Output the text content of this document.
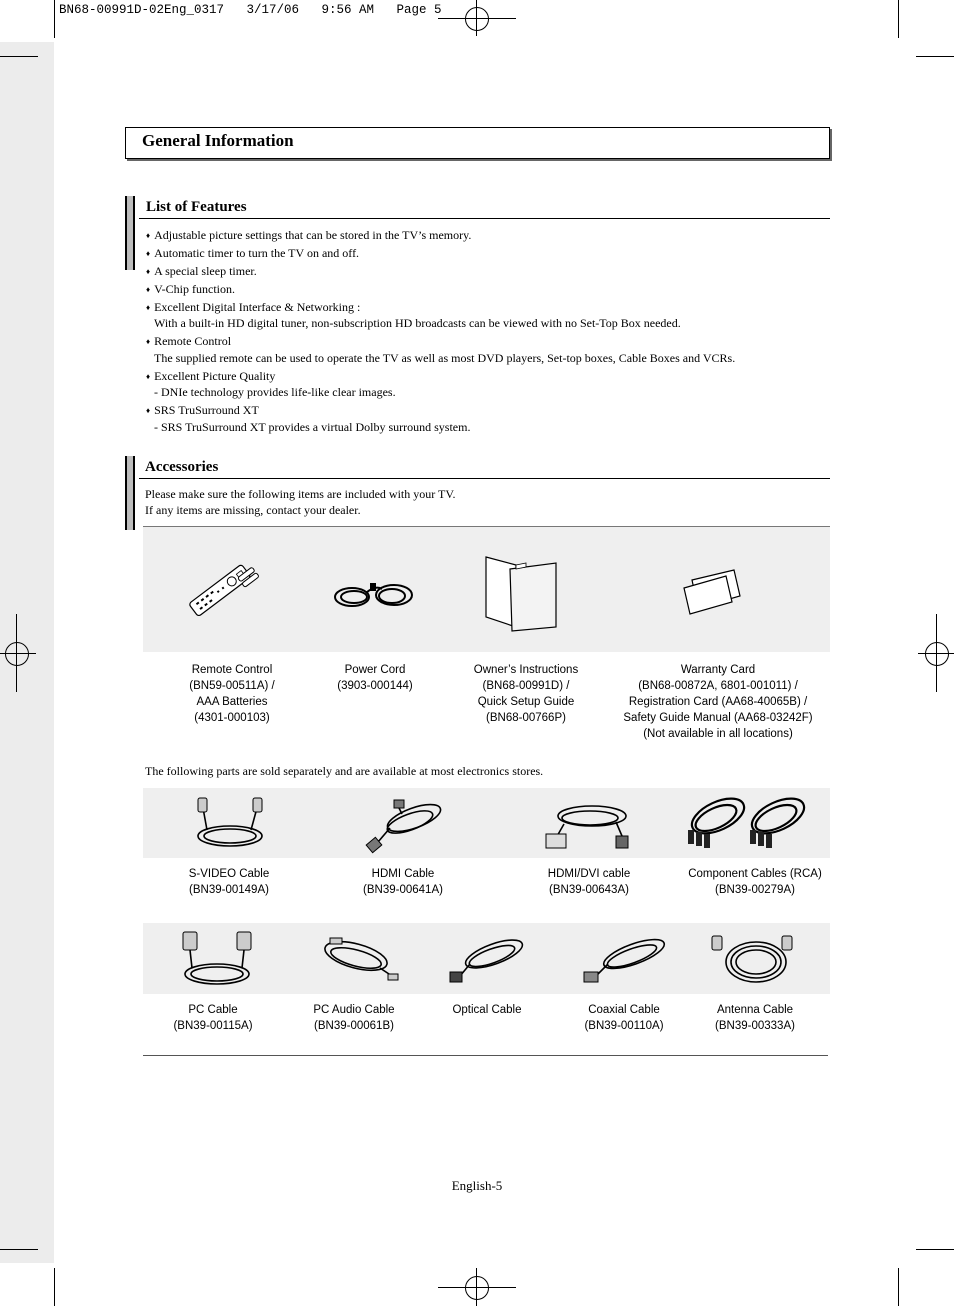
BN68-00991D-02Eng_0317   3/17/06   9:56 AM   Page 5
General Information
List of Features
♦ Adjustable picture settings that can be stored in the TV’s memory.
♦ Automatic timer to turn the TV on and off.
♦ A special sleep timer.
♦ V-Chip function.
♦ Excellent Digital Interface & Networking :
With a built-in HD digital tuner, non-subscription HD broadcasts can be viewed with no Set-Top Box needed.
♦ Remote Control
The supplied remote can be used to operate the TV as well as most DVD players, Set-top boxes, Cable Boxes and VCRs.
♦ Excellent Picture Quality
- DNIe technology provides life-like clear images.
♦ SRS TruSurround XT
- SRS TruSurround XT provides a virtual Dolby surround system.
Accessories
Please make sure the following items are included with your TV.
If any items are missing, contact your dealer.
Remote Control
(BN59-00511A) /
AAA Batteries
(4301-000103)
Power Cord
(3903-000144)
Owner’s Instructions
(BN68-00991D) /
Quick Setup Guide
(BN68-00766P)
Warranty Card
(BN68-00872A, 6801-001011) /
Registration Card (AA68-40065B) /
Safety Guide Manual (AA68-03242F)
(Not available in all locations)
The following parts are sold separately and are available at most electronics stores.
S-VIDEO Cable
(BN39-00149A)
HDMI Cable
(BN39-00641A)
HDMI/DVI cable
(BN39-00643A)
Component Cables (RCA)
(BN39-00279A)
PC Cable
(BN39-00115A)
PC Audio Cable
(BN39-00061B)
Optical Cable	Coaxial Cable
(BN39-00110A)
Antenna Cable
(BN39-00333A)
English-5
